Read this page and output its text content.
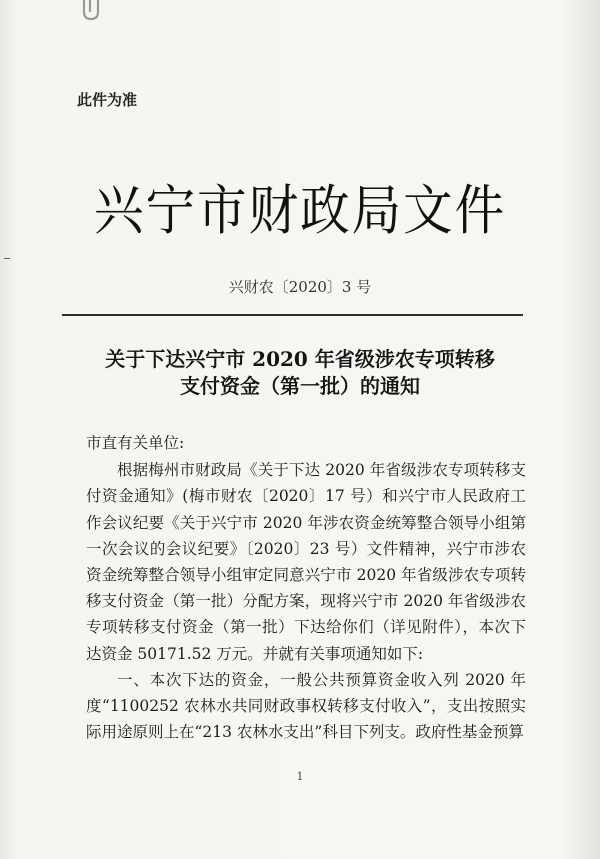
此件为准
兴宁市财政局文件
兴财农〔2020〕3 号
关于下达兴宁市 2020 年省级涉农专项转移
支付资金（第一批）的通知

市直有关单位:

根据梅州市财政局《关于下达 2020 年省级涉农专项转移支付资金通知》(梅市财农〔2020〕17 号）和兴宁市人民政府工作会议纪要《关于兴宁市 2020 年涉农资金统筹整合领导小组第一次会议的会议纪要》〔2020〕23 号）文件精神，兴宁市涉农资金统筹整合领导小组审定同意兴宁市 2020 年省级涉农专项转移支付资金（第一批）分配方案，现将兴宁市 2020 年省级涉农专项转移支付资金（第一批）下达给你们（详见附件），本次下达资金 50171.52 万元。并就有关事项通知如下:

一、本次下达的资金，一般公共预算资金收入列 2020 年度“1100252 农林水共同财政事权转移支付收入”，支出按照实际用途原则上在“213 农林水支出”科目下列支。政府性基金预算

1
